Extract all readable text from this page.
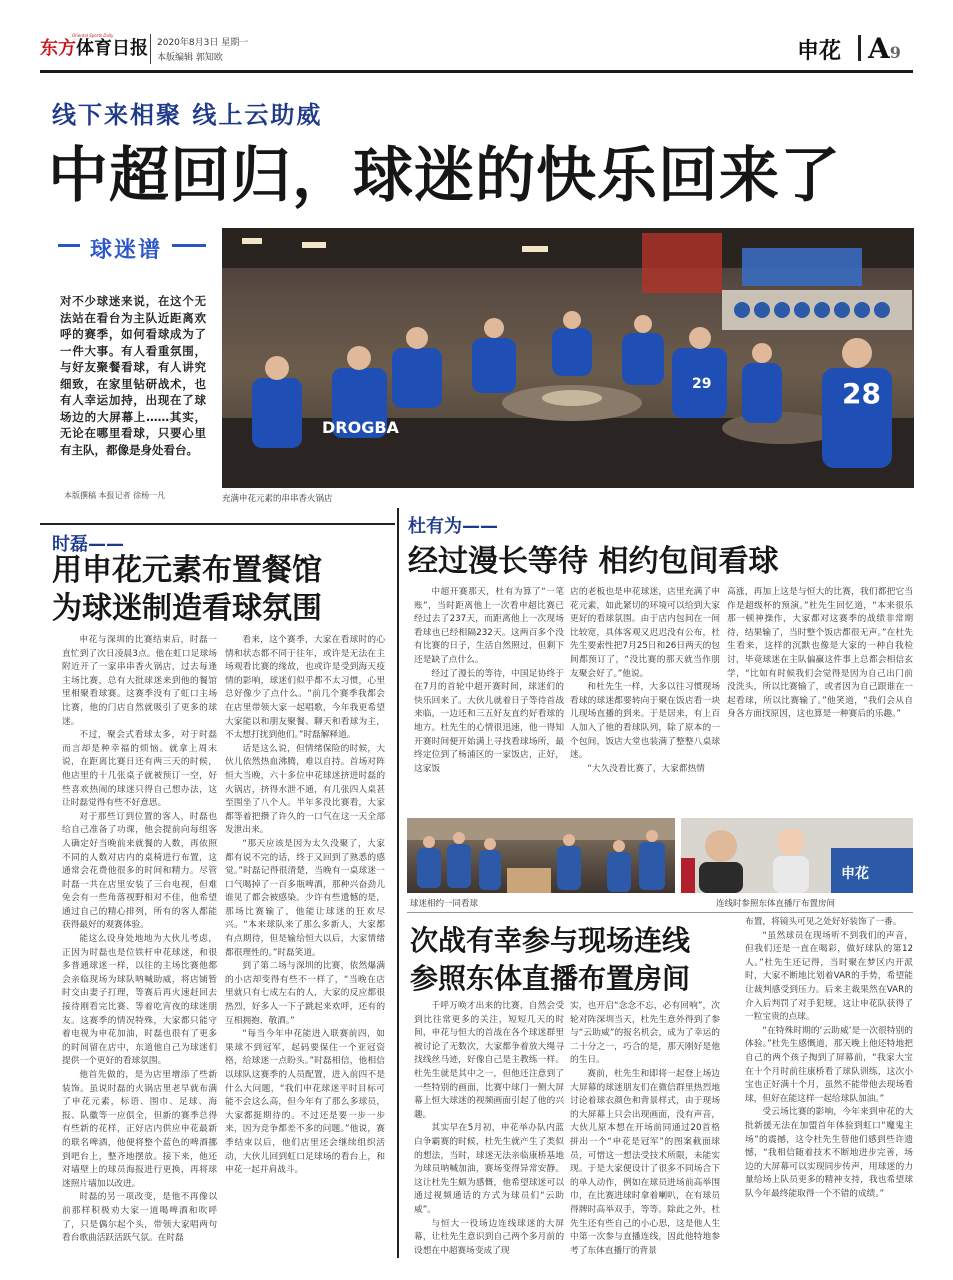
东方体育日报
Oriental Sports Daily
2020年8月3日 星期一
本版编辑 郭知欧	申花 A9
线下来相聚 线上云助威
中超回归，球迷的快乐回来了
球迷谱
对不少球迷来说，在这个无法站在看台为主队近距离欢呼的赛季，如何看球成为了一件大事。有人看重氛围，与好友聚餐看球，有人讲究细致，在家里钻研战术，也有人幸运加持，出现在了球场边的大屏幕上……其实，无论在哪里看球，只要心里有主队，都像是身处看台。
本版撰稿 本报记者 徐杨一凡
DROGBA
28
29
充满申花元素的串串香火锅店
时磊——
用申花元素布置餐馆
为球迷制造看球氛围

申花与深圳的比赛结束后，时磊一直忙到了次日凌晨3点。他在虹口足球场附近开了一家串串香火锅店，过去每逢主场比赛，总有大批球迷来到他的餐馆里相聚看球赛。这赛季没有了虹口主场比赛，他的门店自然就吸引了更多的球迷。

不过，聚会式看球太多，对于时磊而言却是种幸福的烦恼。就拿上周末说，在距离比赛日还有两三天的时候，他店里的十几张桌子就被预订一空，好些喜欢热闹的球迷只得自己想办法，这让时磊觉得有些不好意思。

对于那些订到位置的客人，时磊也给自己准备了功课，他会提前向每组客人确定好当晚前来就餐的人数，再依照不同的人数对店内的桌椅进行布置，这通常会花费他很多的时间和精力。尽管时磊一共在店里安装了三台电视，但难免会有一些角落视野相对不佳，他希望通过自己的精心排列，所有的客人都能获得最好的观赛体验。

能这么设身处地地为大伙儿考虑，正因为时磊也是位铁杆申花球迷，和很多普通球迷一样，以往的主场比赛他都会亲临现场为球队呐喊助威，将店铺暂时交由妻子打理，等赛后再火速赶回去接待刚看完比赛、等着吃宵夜的球迷朋友。这赛季的情况特殊，大家都只能守着电视为申花加油，时磊也很有了更多的时间留在店中，东道他自己为球迷们提供一个更好的看球氛围。

他首先做的，是为店里增添了些新装饰。虽说时磊的火锅店里老早就布满了申花元素，标语、围巾、足球、海报、队徽等一应俱全，但新的赛季总得有些新的花样，正好店内供应申花最新的联名啤酒，他便将整个蓝色的啤酒挪到吧台上，整齐地摆放。接下来，他还对墙壁上的球员海报进行更换，再将球迷照片墙加以改进。

时磊的另一项改变，是他不再像以前那样积极劝大家一道喝啤酒和吹呼了，只是偶尔起个头，带领大家唱两句看台歌曲活跃活跃气氛。在时磊

看来，这个赛季，大家在看球时的心情和状态都不同于往年，或许是无法在主场观看比赛的缘故，也或许是受到海天疫情的影响，球迷们似乎都不太习惯，心里总好像少了点什么。“前几个赛季我都会在店里带领大家一起唱歌，今年我更希望大家能以和朋友聚餐、聊天和看球为主，不太想打扰到他们。”时磊解释道。

话是这么说，但情绪保险的时候，大伙儿依然热血沸腾，难以自持。首场对阵恒大当晚，六十多位申花球迷挤进时磊的火锅店，挤得水泄不通，有几张四人桌甚至围坐了八个人。半年多没比赛看，大家都等着把攒了许久的一口气在这一天全部发泄出来。

“那天应该是因为太久没聚了，大家都有说不完的话，终于又回到了熟悉的感觉。”时磊记得很清楚，当晚有一桌球迷一口气喝掉了一百多瓶啤酒，那种兴奋劲儿谁见了都会被感染。少许有些遗憾的是，那场比赛输了，他能让球迷的狂欢尽兴。“本来球队来了那么多新人，大家都有点期待，但是输给恒大以后，大家情绪都很理性的。”时磊笑道。

到了第二场与深圳的比赛，依然爆满的小店却变得有些不一样了，“当晚在店里就只有七成左右的人，大家的反应都很热烈，好多人一下子跳起来欢呼，还有的互相拥抱、敬酒。”

“每当今年申花能进入联赛前四，如果球不到冠军，起码要保住一个亚冠资格，给球迷一点盼头。”时磊相信，他相信以球队这赛季的人员配置，进入前四不是什么大问题，“我们申花球迷平时目标可能不会这么高，但今年有了那么多球员，大家都挺期待的。不过还是要一步一步来，因为竞争都差不多的问题。”他说，赛季结束以后，他们店里还会继续组织活动，大伙儿回到虹口足球场的看台上，和申花一起并肩战斗。

杜有为——
经过漫长等待 相约包间看球

中超开赛那天，杜有为算了“一笔账”，当时距离他上一次看申超比赛已经过去了237天，而距离他上一次现场看球也已经相隔232天。这两百多个没有比赛的日子，生活自然照过，但剩下还是缺了点什么。

经过了漫长的等待，中国足协终于在7月的首轮中超开赛时间，球迷们的快乐回来了。大伙儿就着日子等待首战来临，一边还和三五好友直约好看球的地方。杜先生的心情很迅速，他一得知开赛时间便开始满上寻找看球场所，最终定位到了杨浦区的一家饭店，正好，这家饭

店的老板也是申花球迷，店里充满了申花元素，如此紧切的环境可以给到大家更好的看球氛围。由于店内包间在一间比较宽，具体客观又迟迟没有公布，杜先生要索性把7月25日和26日两天的包间都预订了，“没比赛的那天就当作朋友聚会好了。”他说。

和杜先生一样，大多以往习惯现场看球的球迷都要转向于聚在饭店看一块儿现场直播的到来。于是居来，有上百人加入了他的看球队列，除了原本的一个包间，饭店大堂也装满了整整八桌球迷。

“大久没看比赛了，大家都热情

高涨，再加上这是与恒大的比赛，我们都把它当作是超级杯的预演。”杜先生回忆道，“本来很乐那一顿神操作，大家都对这赛季的战绩非常期待，结果输了，当时整个饭店都很无声。”在杜先生看来，这样的沉默也像是大家的一种自我检讨，毕竟球迷在主队偏赢这件事上总都会相信玄学，“比如有时候我们会觉得是因为自己出门前没洗头，所以比赛输了，或者因为自己跟谁在一起看球，所以比赛输了。”他笑道，“我们会从自身各方面找原因，这也算是一种赛后的乐趣。”

申花
球迷相约一同看球	连线时参照东体直播厅布置房间
次战有幸参与现场连线
参照东体直播布置房间

千呼万唤才出来的比赛，自然会受到比往常更多的关注，短短几天的时间，申花与恒大的首战在各个球迷群里被讨论了无数次，大家都争着放大绳寻找线丝马迹，好像自己是主教练一样。杜先生就是其中之一，但他还注意到了一些特别的画面，比赛中球门一侧大屏幕上恒大球迷的视频画面引起了他的兴趣。

其实早在5月初，申花举办队内蓝白争霸赛的时候，杜先生就产生了类似的想法，当时，球迷无法亲临康桥基地为球员呐喊加油，赛场变得异常安静。这让杜先生颇为感慨，他希望球迷可以通过视频通话的方式为球员们“云助威”。

与恒大一役场边连线球迷的大屏幕，让杜先生意识到自己两个多月前的设想在中超赛场变成了现

实，也开启“念念不忘，必有回响”，次轮对阵深圳当天，杜先生意外得到了参与“云助威”的报名机会，成为了幸运的二十分之一，巧合的是，那天刚好是他的生日。

赛前，杜先生和即将一起登上场边大屏幕的球迷朋友们在微信群里热烈地讨论着球衣颜色和背景样式，由于现场的大屏幕上只会出现画面，没有声音，大伙儿原本想在开场前同通过20首格拼出一个“申花是冠军”的图案截面球员，可惜这一想法受技术所限，未能实现。于是大家便设计了很多不同场合下的单人动作，例如在球员进场前高举围巾，在比赛进球时拿着喇叭，在有球员得牌时高举双手，等等。除此之外，杜先生还有些自己的小心思，这是他人生中第一次参与直播连线，因此他特地参考了东体直播厅的背景

布置，将镜头可见之处好好装饰了一番。

“虽然球员在现场听不到我们的声音，但我们还是一直在喝彩，做好球队的第12人。”杜先生还记得，当时聚在梦区内开派时，大家不断地比划着VAR的手势，希望能让裁判感受到压力。后来主裁果然在VAR的介入后判罚了对手犯规，这让申花队获得了一粒宝贵的点球。

“在特殊时期的‘云助威’是一次很特别的体验。”杜先生感慨道，那天晚上他还特地把自己的两个孩子掏到了屏幕前，“我家大宝在十个月时前往康桥看了球队训练，这次小宝也正好满十个月，虽然不能带他去现场看球，但好在能这样一起给球队加油。”

受云场比赛的影响，今年来到申花的大批新援无法在加盟首年体验到虹口“魔鬼主场”的震撼，这令杜先生替他们感到些许遗憾，“我相信随着技术不断地进步完善，场边的大屏幕可以实现同步传声，用球迷的力量给场上队员更多的精神支持，我也希望球队今年最终能取得一个不错的成绩。”
